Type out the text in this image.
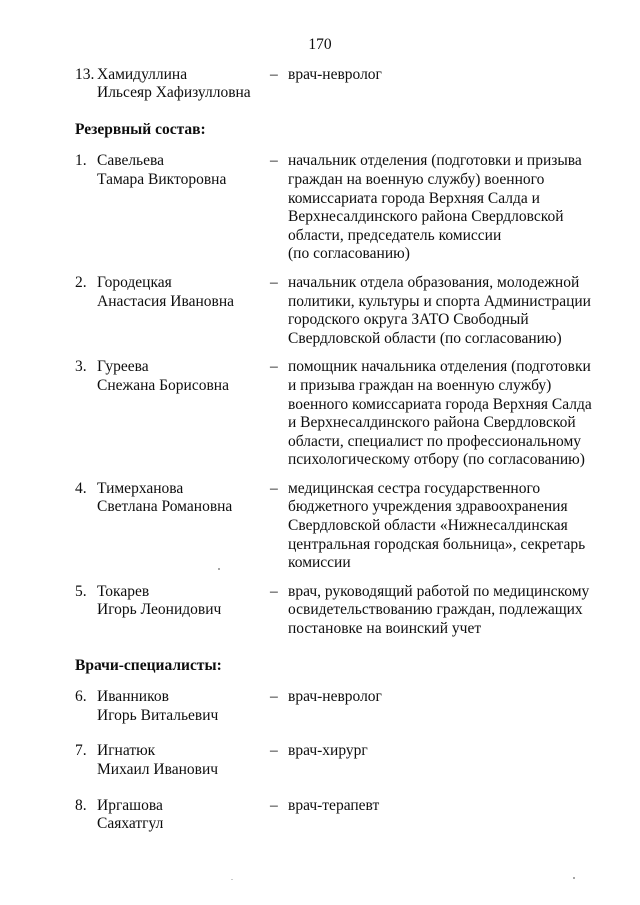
170
13. Хамидуллина
Ильсеяр Хафизулловна
– врач-невролог
Резервный состав:
1. Савельева
Тамара Викторовна
– начальник отделения (подготовки и призыва
граждан на военную службу) военного
комиссариата города Верхняя Салда и
Верхнесалдинского района Свердловской
области, председатель комиссии
(по согласованию)
2. Городецкая
Анастасия Ивановна
– начальник отдела образования, молодежной
политики, культуры и спорта Администрации
городского округа ЗАТО Свободный
Свердловской области (по согласованию)
3. Гуреева
Снежана Борисовна
– помощник начальника отделения (подготовки
и призыва граждан на военную службу)
военного комиссариата города Верхняя Салда
и Верхнесалдинского района Свердловской
области, специалист по профессиональному
психологическому отбору (по согласованию)
4. Тимерханова
Светлана Романовна
– медицинская сестра государственного
бюджетного учреждения здравоохранения
Свердловской области «Нижнесалдинская
центральная городская больница», секретарь
комиссии
5. Токарев
Игорь Леонидович
– врач, руководящий работой по медицинскому
освидетельствованию граждан, подлежащих
постановке на воинский учет
Врачи-специалисты:
6. Иванников
Игорь Витальевич
– врач-невролог
7. Игнатюк
Михаил Иванович
– врач-хирург
8. Иргашова
Саяхатгул
– врач-терапевт
